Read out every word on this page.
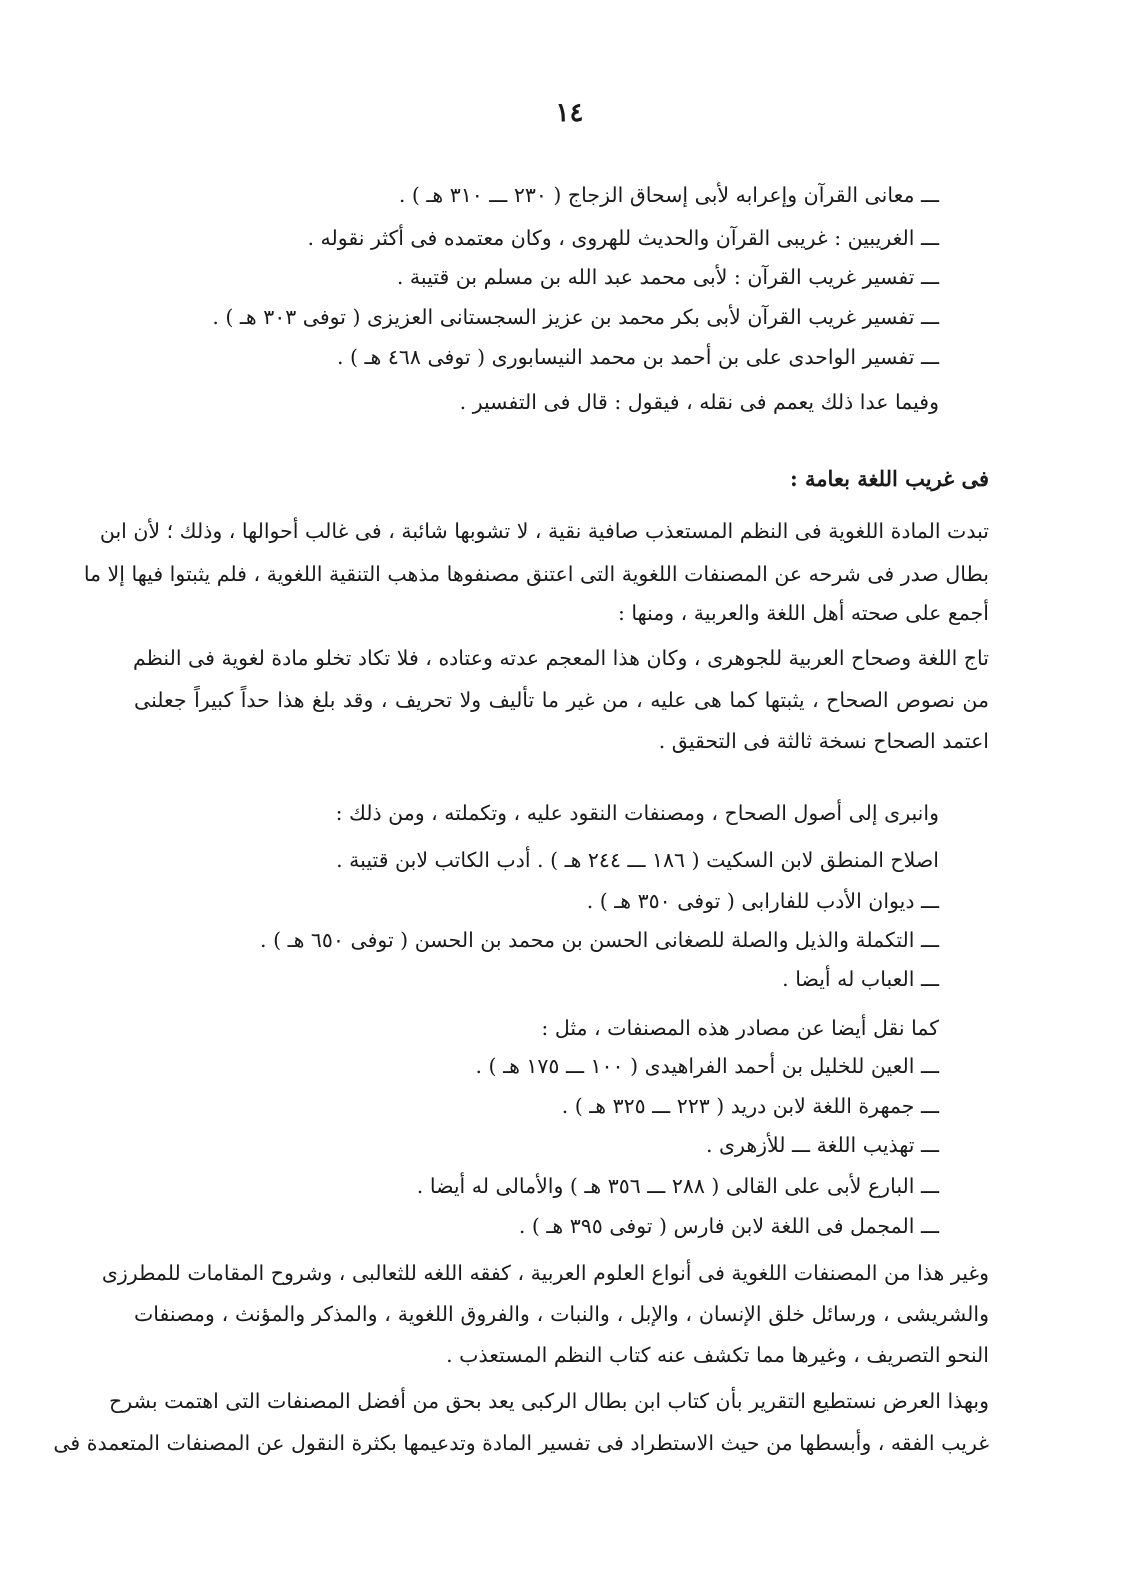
١٤
ـــ معانى القرآن وإعرابه لأبى إسحاق الزجاج ( ٢٣٠ ـــ ٣١٠ هـ ) .
ـــ الغريبين : غريبى القرآن والحديث للهروى ، وكان معتمده فى أكثر نقوله .
ـــ تفسير غريب القرآن : لأبى محمد عبد الله بن مسلم بن قتيبة .
ـــ تفسير غريب القرآن لأبى بكر محمد بن عزيز السجستانى العزيزى ( توفى ٣٠٣ هـ ) .
ـــ تفسير الواحدى على بن أحمد بن محمد النيسابورى ( توفى ٤٦٨ هـ ) .
وفيما عدا ذلك يعمم فى نقله ، فيقول : قال فى التفسير .
فى غريب اللغة بعامة :
تبدت المادة اللغوية فى النظم المستعذب صافية نقية ، لا تشوبها شائبة ، فى غالب أحوالها ، وذلك ؛ لأن ابن
بطال صدر فى شرحه عن المصنفات اللغوية التى اعتنق مصنفوها مذهب التنقية اللغوية ، فلم يثبتوا فيها إلا ما
أجمع على صحته أهل اللغة والعربية ، ومنها :
تاج اللغة وصحاح العربية للجوهرى ، وكان هذا المعجم عدته وعتاده ، فلا تكاد تخلو مادة لغوية فى النظم
من نصوص الصحاح ، يثبتها كما هى عليه ، من غير ما تأليف ولا تحريف ، وقد بلغ هذا حداً كبيراً جعلنى
اعتمد الصحاح نسخة ثالثة فى التحقيق .
وانبرى إلى أصول الصحاح ، ومصنفات النقود عليه ، وتكملته ، ومن ذلك :
اصلاح المنطق لابن السكيت ( ١٨٦ ـــ ٢٤٤ هـ ) . أدب الكاتب لابن قتيبة .
ـــ ديوان الأدب للفارابى ( توفى ٣٥٠ هـ ) .
ـــ التكملة والذيل والصلة للصغانى الحسن بن محمد بن الحسن ( توفى ٦٥٠ هـ ) .
ـــ العباب له أيضا .
كما نقل أيضا عن مصادر هذه المصنفات ، مثل :
ـــ العين للخليل بن أحمد الفراهيدى ( ١٠٠ ـــ ١٧٥ هـ ) .
ـــ جمهرة اللغة لابن دريد ( ٢٢٣ ـــ ٣٢٥ هـ ) .
ـــ تهذيب اللغة ـــ للأزهرى .
ـــ البارع لأبى على القالى ( ٢٨٨ ـــ ٣٥٦ هـ ) والأمالى له أيضا .
ـــ المجمل فى اللغة لابن فارس ( توفى ٣٩٥ هـ ) .
وغير هذا من المصنفات اللغوية فى أنواع العلوم العربية ، كفقه اللغه للثعالبى ، وشروح المقامات للمطرزى
والشريشى ، ورسائل خلق الإنسان ، والإبل ، والنبات ، والفروق اللغوية ، والمذكر والمؤنث ، ومصنفات
النحو التصريف ، وغيرها مما تكشف عنه كتاب النظم المستعذب .
وبهذا العرض نستطيع التقرير بأن كتاب ابن بطال الركبى يعد بحق من أفضل المصنفات التى اهتمت بشرح
غريب الفقه ، وأبسطها من حيث الاستطراد فى تفسير المادة وتدعيمها بكثرة النقول عن المصنفات المتعمدة فى
